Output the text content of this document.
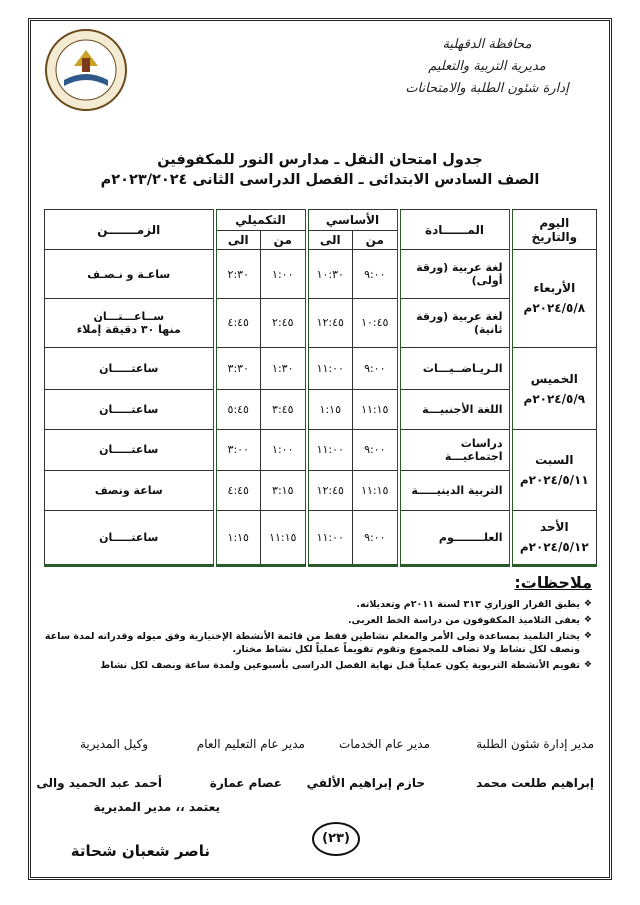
محافظة الدقهلية
مديرية التربية والتعليم
إدارة شئون الطلبة والامتحانات
جدول امتحان النقل ـ مدارس النور للمكفوفين
الصف السادس الابتدائى ـ الفصل الدراسى الثانى ٢٠٢٣/٢٠٢٤م
اليوم والتاريخ	المــــــادة	الأساسي		التكميلي		الزمـــــــن
		من	الى	من	الى	

الأربعاء
٢٠٢٤/٥/٨م	لغة عربية (ورقة أولى)	٩:٠٠	١٠:٣٠	١:٠٠	٢:٣٠	ساعـة و نـصـف
	لغة عربية (ورقة ثانية)	١٠:٤٥	١٢:٤٥	٢:٤٥	٤:٤٥	ســاعـــتـــان
منها ٣٠ دقيقة إملاء

الخميس
٢٠٢٤/٥/٩م	الـريـاضــيـــات	٩:٠٠	١١:٠٠	١:٣٠	٣:٣٠	ساعتـــــان
	اللغة الأجنبيـــة	١١:١٥	١:١٥	٣:٤٥	٥:٤٥	ساعتـــــان

السبت
٢٠٢٤/٥/١١م	دراسات اجتماعيـــة	٩:٠٠	١١:٠٠	١:٠٠	٣:٠٠	ساعتـــــان
	التربية الدينيـــــة	١١:١٥	١٢:٤٥	٣:١٥	٤:٤٥	ساعة ونصف

الأحد
٢٠٢٤/٥/١٢م	العلــــــــوم	٩:٠٠	١١:٠٠	١١:١٥	١:١٥	ساعتـــــان
ملاحظات:
❖ يطبق القرار الوزاري ٣١٣ لسنة ٢٠١١م وتعديلاته.
❖ يعفى التلاميذ المكفوفون من دراسة الخط العربى.
❖ يختار التلميذ بمساعدة ولى الأمر والمعلم نشاطين فقط من قائمة الأنشطة الإختيارية وفق ميوله وقدراته لمدة ساعة ونصف لكل نشاط ولا تضاف للمجموع وتقوم تقويماً عملياً لكل نشاط مختار.
❖ تقويم الأنشطة التربوية يكون عملياً قبل نهاية الفصل الدراسى بأسبوعين ولمدة ساعة ونصف لكل نشاط
مدير إدارة شئون الطلبة
مدير عام الخدمات
مدير عام التعليم العام
وكيل المديرية
إبراهيم طلعت محمد
حازم إبراهيم الألفي
عصام عمارة
أحمد عبد الحميد والى
يعتمد ،، مدير المديرية
ناصر شعبان شحاتة
(٢٣)
